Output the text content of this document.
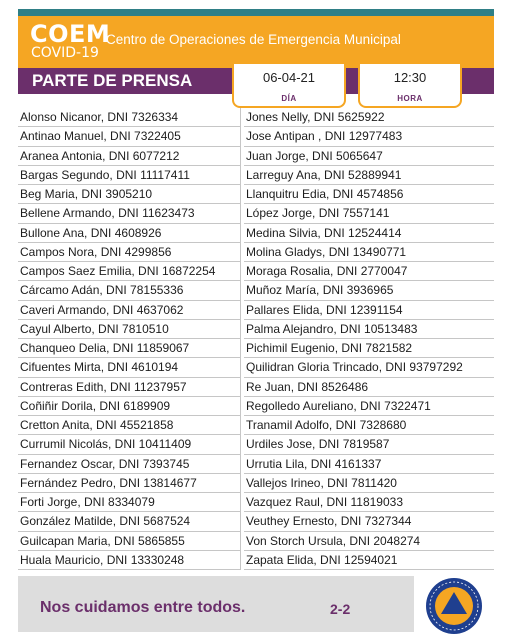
COEM
COVID-19
Centro de Operaciones de Emergencia Municipal
PARTE DE PRENSA	06-04-21
DÍA
12:30
HORA
Alonso Nicanor, DNI 7326334
Antinao Manuel, DNI 7322405
Aranea Antonia, DNI 6077212
Bargas Segundo, DNI 11117411
Beg Maria, DNI 3905210
Bellene Armando, DNI 11623473
Bullone Ana, DNI 4608926
Campos Nora, DNI 4299856
Campos Saez Emilia, DNI 16872254
Cárcamo Adán, DNI 78155336
Caveri Armando, DNI 4637062
Cayul Alberto, DNI 7810510
Chanqueo Delia, DNI 11859067
Cifuentes Mirta, DNI 4610194
Contreras Edith, DNI 11237957
Coñiñir Dorila, DNI 6189909
Cretton Anita, DNI 45521858
Currumil Nicolás, DNI 10411409
Fernandez Oscar, DNI 7393745
Fernández Pedro, DNI 13814677
Forti Jorge, DNI 8334079
González Matilde, DNI 5687524
Guilcapan Maria, DNI 5865855
Huala Mauricio, DNI 13330248
Jones Nelly, DNI 5625922
Jose Antipan , DNI 12977483
Juan Jorge, DNI 5065647
Larreguy Ana, DNI 52889941
Llanquitru Edia, DNI 4574856
López Jorge, DNI 7557141
Medina Silvia, DNI 12524414
Molina Gladys, DNI 13490771
Moraga Rosalia, DNI 2770047
Muñoz María, DNI 3936965
Pallares Elida, DNI 12391154
Palma Alejandro, DNI 10513483
Pichimil Eugenio, DNI 7821582
Quilidran Gloria Trincado, DNI 93797292
Re Juan, DNI 8526486
Regolledo Aureliano, DNI 7322471
Tranamil Adolfo, DNI 7328680
Urdiles Jose, DNI 7819587
Urrutia Lila, DNI 4161337
Vallejos Irineo, DNI 7811420
Vazquez Raul, DNI 11819033
Veuthey Ernesto, DNI 7327344
Von Storch Ursula, DNI 2048274
Zapata Elida, DNI 12594021
Nos cuidamos entre todos.	2-2
